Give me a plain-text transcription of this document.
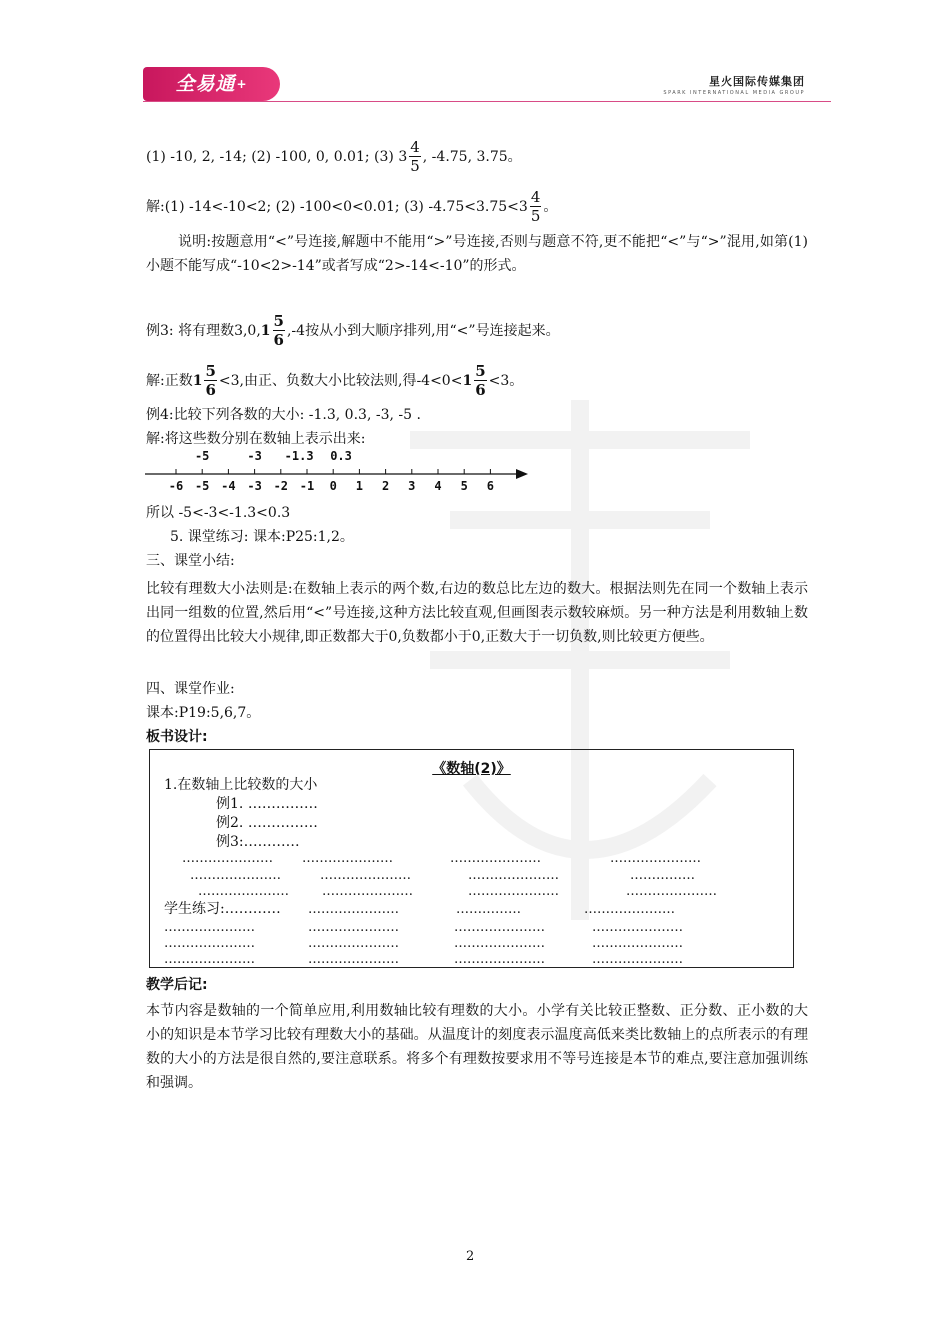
全易通+	星火国际传媒集团
SPARK INTERNATIONAL MEDIA GROUP
(1) -10, 2, -14; (2) -100, 0, 0.01; (3) $3 \frac{4}{5}$ , -4.75, 3.75。
解:(1) -14<-10<2; (2) -100<0<0.01; (3) $-4.75<3.75<3 \frac{4}{5}$ 。
说明:按题意用“<”号连接,解题中不能用“>”号连接,否则与题意不符,更不能把“<”与“>”混用,如第(1)小题不能写成“-10<2>-14”或者写成“2>-14<-10”的形式。
例3: 将有理数$3,0,1 \frac{5}{6} ,-4$按从小到大顺序排列,用“<”号连接起来。
解:正数$1 \frac{5}{6} <3$,由正、负数大小比较法则,得$-4<0<1 \frac{5}{6} <3$。
例4:比较下列各数的大小: -1.3, 0.3, -3, -5 .
解:将这些数分别在数轴上表示出来:
-5	-3	-1.3	0.3
-6 -5 -4 -3 -2 -1	0	1	2	3	4	5	6
所以 -5<-3<-1.3<0.3
5. 课堂练习: 课本:P25:1,2。
三、课堂小结:
比较有理数大小法则是:在数轴上表示的两个数,右边的数总比左边的数大。根据法则先在同一个数轴上表示出同一组数的位置,然后用“<”号连接,这种方法比较直观,但画图表示数较麻烦。另一种方法是利用数轴上数的位置得出比较大小规律,即正数都大于0,负数都小于0,正数大于一切负数,则比较更方便些。
四、课堂作业:
课本:P19:5,6,7。
板书设计:
《数轴(2)》
1.在数轴上比较数的大小
例1. ……………
例2. ……………
例3:…………
………………… …………………	…………………	…………………
…………………	…………………	…………………	……………
…………………	…………………	…………………	…………………
学生练习:………… …………………	……………	…………………
…………………	…………………	…………………	…………………
…………………	…………………	…………………	…………………
…………………	…………………	…………………	…………………
教学后记:
本节内容是数轴的一个简单应用,利用数轴比较有理数的大小。小学有关比较正整数、正分数、正小数的大小的知识是本节学习比较有理数大小的基础。从温度计的刻度表示温度高低来类比数轴上的点所表示的有理数的大小的方法是很自然的,要注意联系。将多个有理数按要求用不等号连接是本节的难点,要注意加强训练和强调。
2
